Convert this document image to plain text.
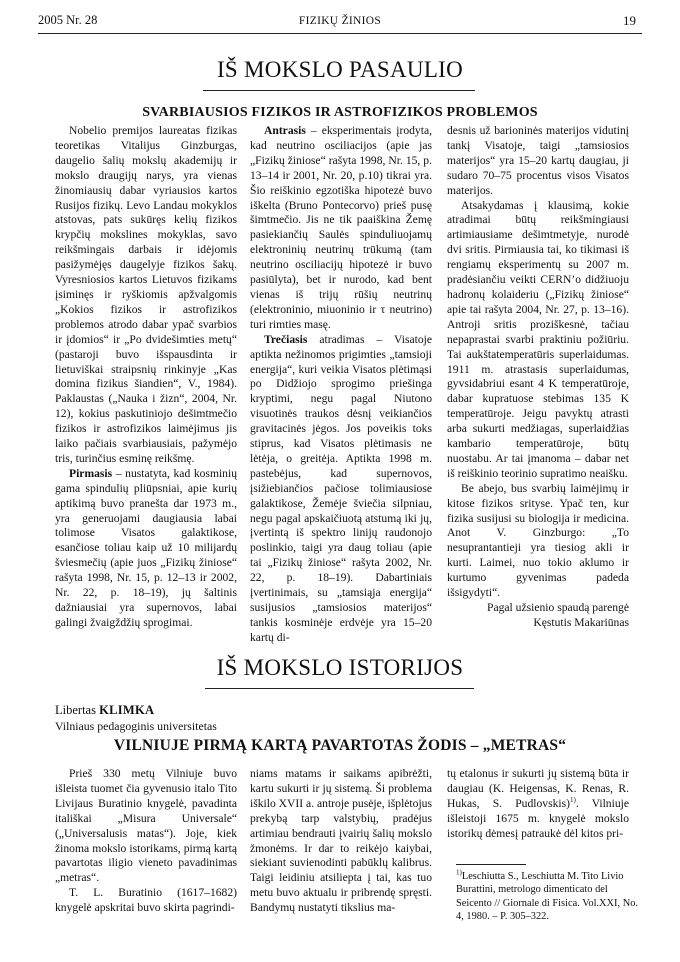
2005 Nr. 28	FIZIKŲ ŽINIOS	19
IŠ MOKSLO PASAULIO
SVARBIAUSIOS FIZIKOS IR ASTROFIZIKOS PROBLEMOS

Nobelio premijos laureatas fizikas teoretikas Vitalijus Ginzburgas, daugelio šalių mokslų akademijų ir mokslo draugijų narys, yra vienas žinomiausių dabar vyriausios kartos Rusijos fizikų. Levo Landau mokyklos atstovas, pats sukūręs kelių fizikos krypčių mokslines mokyklas, savo reikšmingais darbais ir idėjomis pasižymėjęs daugelyje fizikos šakų. Vyresniosios kartos Lietuvos fizikams įsiminęs ir ryškiomis apžvalgomis „Kokios fizikos ir astrofizikos problemos atrodo dabar ypač svarbios ir įdomios“ ir „Po dvidešimties metų“ (pastaroji buvo išspausdinta ir lietuviškai straipsnių rinkinyje „Kas domina fizikus šiandien“, V., 1984). Paklaustas („Nauka i žizn“, 2004, Nr. 12), kokius paskutiniojo dešimtmečio fizikos ir astrofizikos laimėjimus jis laiko pačiais svarbiausiais, pažymėjo tris, turinčius esminę reikšmę.

Pirmasis – nustatyta, kad kosminių gama spindulių pliūpsniai, apie kurių aptikimą buvo pranešta dar 1973 m., yra generuojami daugiausia labai tolimose Visatos galaktikose, esančiose toliau kaip už 10 milijardų šviesmečių (apie juos „Fizikų žiniose“ rašyta 1998, Nr. 15, p. 12–13 ir 2002, Nr. 22, p. 18–19), jų šaltinis dažniausiai yra supernovos, labai galingi žvaigždžių sprogimai.

Antrasis – eksperimentais įrodyta, kad neutrino osciliacijos (apie jas „Fizikų žiniose“ rašyta 1998, Nr. 15, p. 13–14 ir 2001, Nr. 20, p.10) tikrai yra. Šio reiškinio egzotiška hipotezė buvo iškelta (Bruno Pontecorvo) prieš pusę šimtmečio. Jis ne tik paaiškina Žemę pasiekiančių Saulės spinduliuojamų elektroninių neutrinų trūkumą (tam neutrino osciliacijų hipotezė ir buvo pasiūlyta), bet ir nurodo, kad bent vienas iš trijų rūšių neutrinų (elektroninio, miuoninio ir τ neutrino) turi rimties masę.

Trečiasis atradimas – Visatoje aptikta nežinomos prigimties „tamsioji energija“, kuri veikia Visatos plėtimąsi po Didžiojo sprogimo priešinga kryptimi, negu pagal Niutono visuotinės traukos dėsnį veikiančios gravitacinės jėgos. Jos poveikis toks stiprus, kad Visatos plėtimasis ne lėtėja, o greitėja. Aptikta 1998 m. pastebėjus, kad supernovos, įsižiebiančios pačiose tolimiausiose galaktikose, Žemėje šviečia silpniau, negu pagal apskaičiuotą atstumą iki jų, įvertintą iš spektro linijų raudonojo poslinkio, taigi yra daug toliau (apie tai „Fizikų žiniose“ rašyta 2002, Nr. 22, p. 18–19). Dabartiniais įvertinimais, su „tamsiąja energija“ susijusios „tamsiosios materijos“ tankis kosminėje erdvėje yra 15–20 kartų di-

desnis už barioninės materijos vidutinį tankį Visatoje, taigi „tamsiosios materijos“ yra 15–20 kartų daugiau, ji sudaro 70–75 procentus visos Visatos materijos.

Atsakydamas į klausimą, kokie atradimai būtų reikšmingiausi artimiausiame dešimtmetyje, nurodė dvi sritis. Pirmiausia tai, ko tikimasi iš rengiamų eksperimentų su 2007 m. pradėsiančiu veikti CERN’o didžiuoju hadronų kolaideriu („Fizikų žiniose“ apie tai rašyta 2004, Nr. 27, p. 13–16). Antroji sritis proziškesnė, tačiau nepaprastai svarbi praktiniu požiūriu. Tai aukštatemperatūris superlaidumas. 1911 m. atrastasis superlaidumas, gyvsidabriui esant 4 K temperatūroje, dabar kupratuose stebimas 135 K temperatūroje. Jeigu pavyktų atrasti arba sukurti medžiagas, superlaidžias kambario temperatūroje, būtų nuostabu. Ar tai įmanoma – dabar net iš reiškinio teorinio supratimo neaišku.

Be abejo, bus svarbių laimėjimų ir kitose fizikos srityse. Ypač ten, kur fizika susijusi su biologija ir medicina. Anot V. Ginzburgo: „To nesuprantantieji yra tiesiog akli ir kurti. Laimei, nuo tokio aklumo ir kurtumo gyvenimas padeda išsigydyti“.

Pagal užsienio spaudą parengė

Kęstutis Makariūnas

IŠ MOKSLO ISTORIJOS
Libertas KLIMKA
Vilniaus pedagoginis universitetas
VILNIUJE PIRMĄ KARTĄ PAVARTOTAS ŽODIS – „METRAS“

Prieš 330 metų Vilniuje buvo išleista tuomet čia gyvenusio italo Tito Livijaus Buratinio knygelė, pavadinta itališkai „Misura Universale“ („Universalusis matas“). Joje, kiek žinoma mokslo istorikams, pirmą kartą pavartotas iligio vieneto pavadinimas „metras“.

T. L. Buratinio (1617–1682) knygelė apskritai buvo skirta pagrindi-

niams matams ir saikams apibrėžti, kartu sukurti ir jų sistemą. Ši problema iškilo XVII a. antroje pusėje, išplėtojus prekybą tarp valstybių, pradėjus artimiau bendrauti įvairių šalių mokslo žmonėms. Ir dar to reikėjo kaiybai, siekiant suvienodinti pabūklų kalibrus. Taigi leidiniu atsiliepta į tai, kas tuo metu buvo aktualu ir pribrendę spręsti. Bandymų nustatyti tikslius ma-

tų etalonus ir sukurti jų sistemą būta ir daugiau (K. Heigensas, K. Renas, R. Hukas, S. Pudlovskis)$^{1)}$. Vilniuje išleistoji 1675 m. knygelė mokslo istorikų dėmesį patraukė dėl kitos pri-

$^{1)}$Leschiutta S., Leschiutta M. Tito Livio Burattini, metrologo dimenticato del Seicento // Giornale di Fisica. Vol.XXI, No. 4, 1980. – P. 305–322.
